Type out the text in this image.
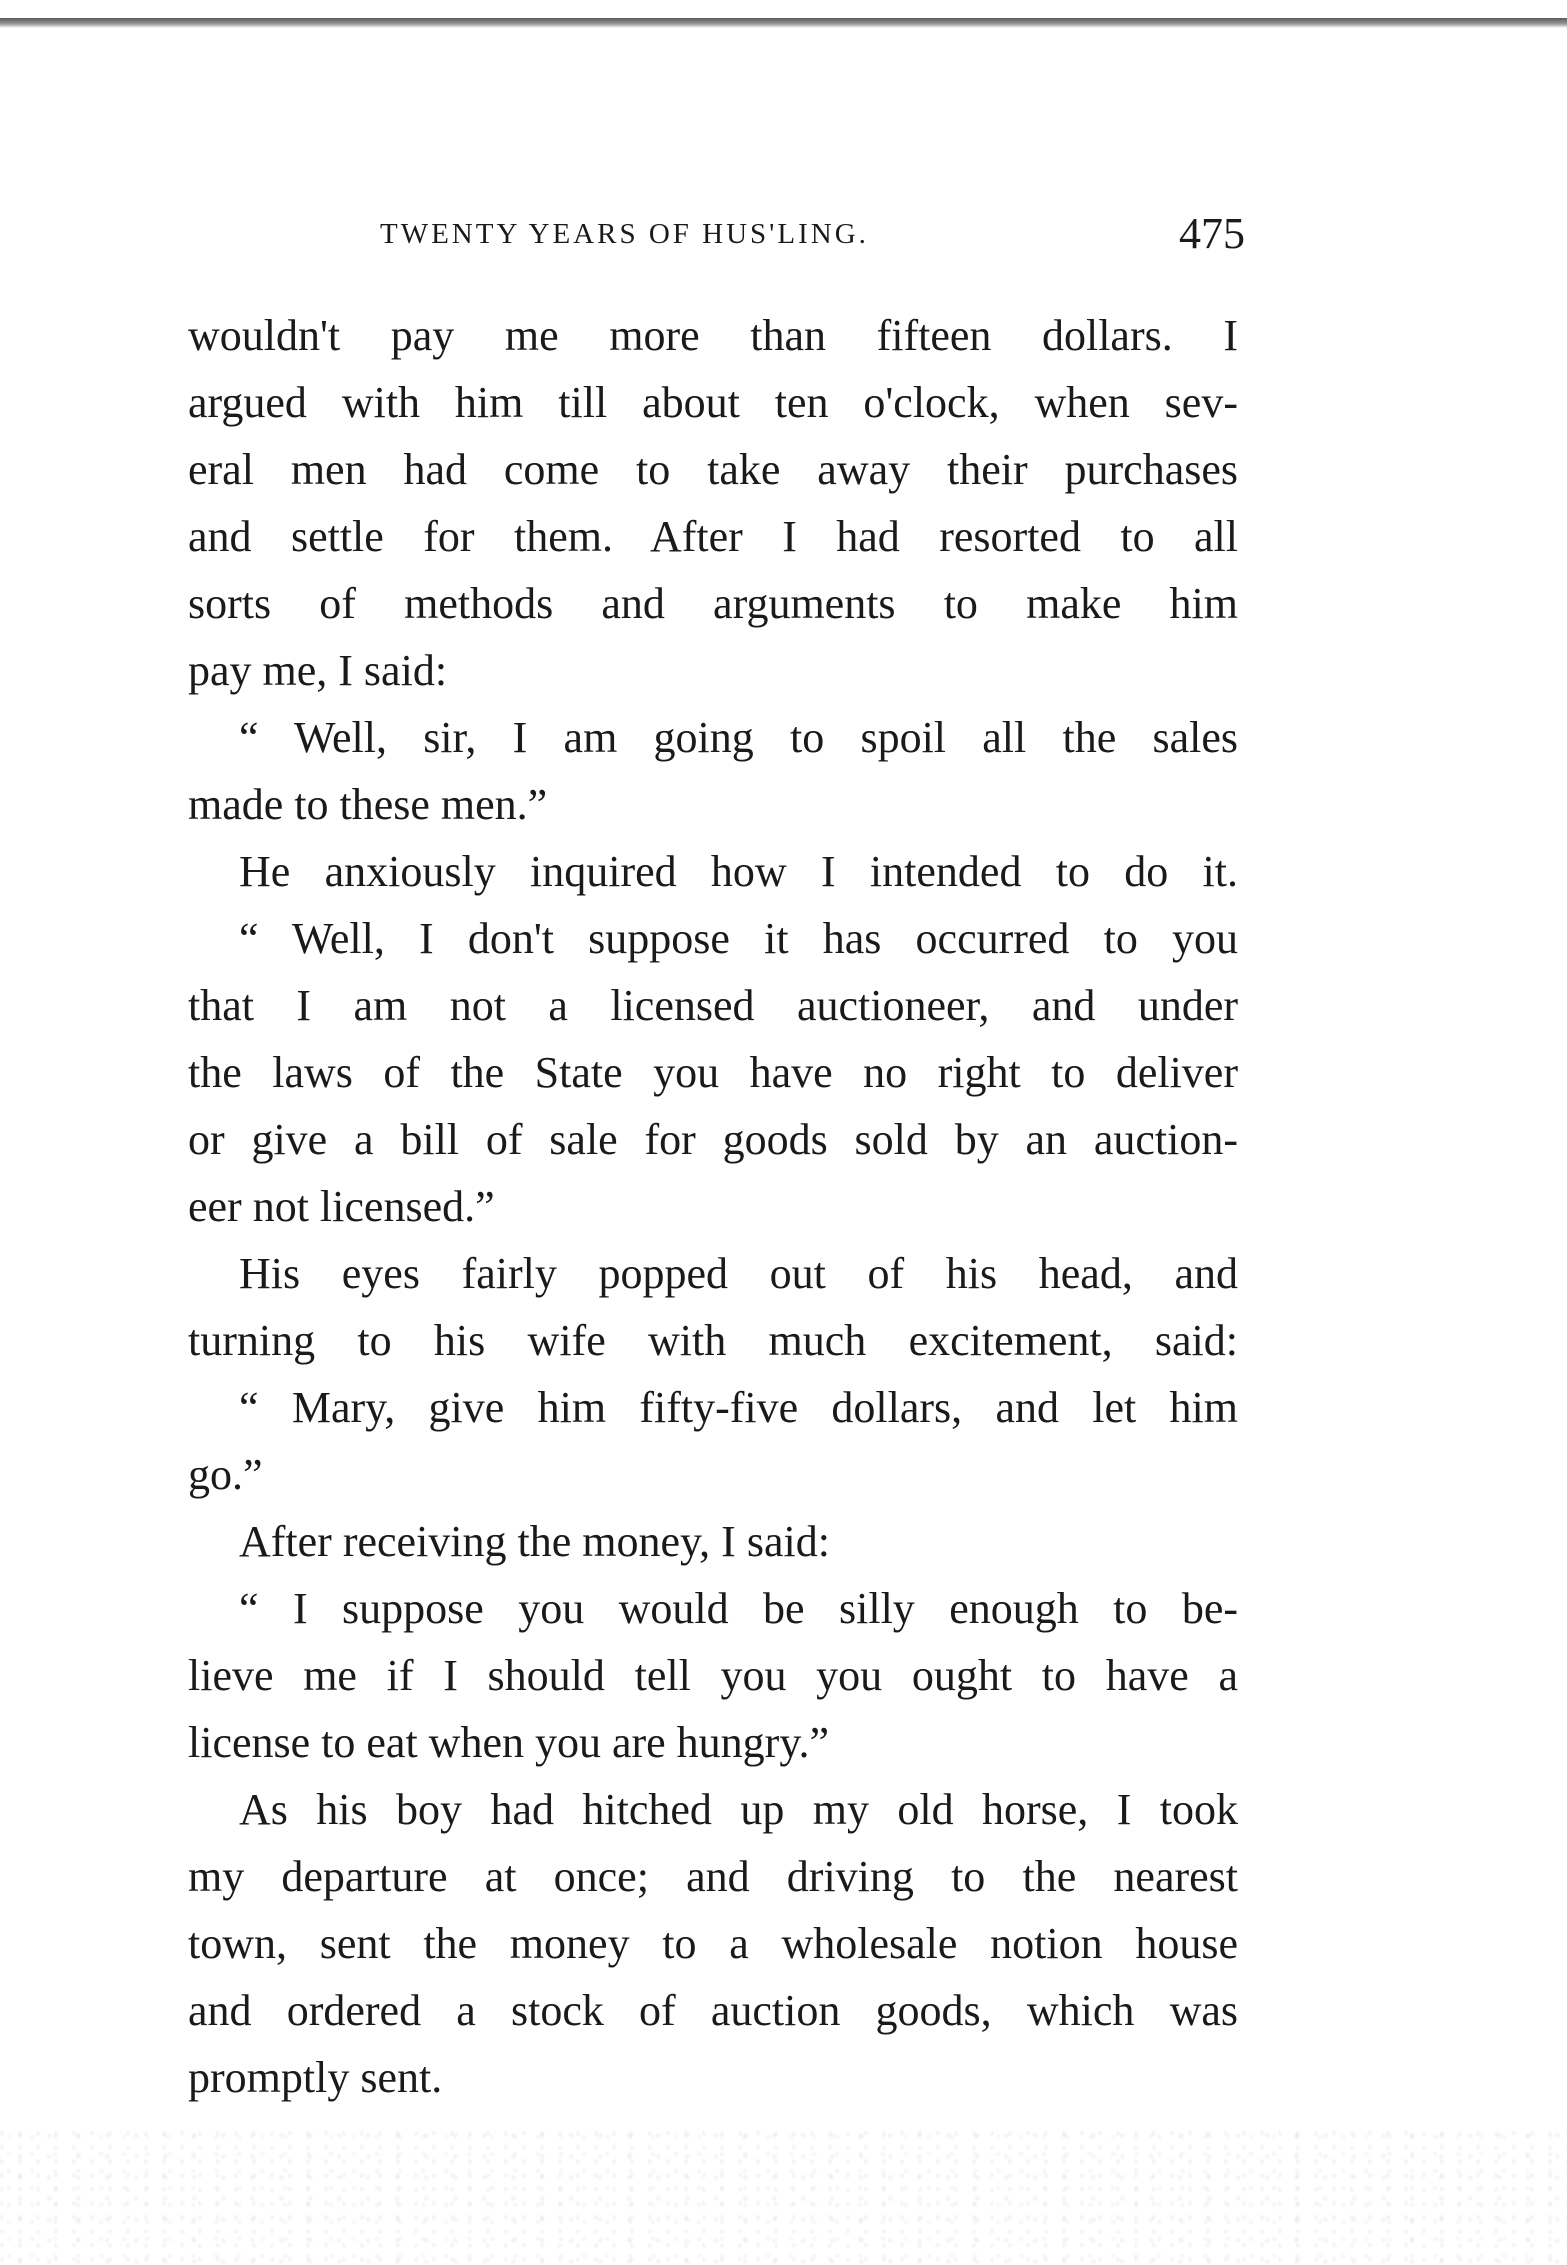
TWENTY YEARS OF HUS'LING.	475
wouldn't pay me more than fifteen dollars. I
argued with him till about ten o'clock, when sev-
eral men had come to take away their purchases
and settle for them. After I had resorted to all
sorts of methods and arguments to make him
pay me, I said:
“ Well, sir, I am going to spoil all the sales
made to these men.”
He anxiously inquired how I intended to do it.
“ Well, I don't suppose it has occurred to you
that I am not a licensed auctioneer, and under
the laws of the State you have no right to deliver
or give a bill of sale for goods sold by an auction-
eer not licensed.”
His eyes fairly popped out of his head, and
turning to his wife with much excitement, said:
“ Mary, give him fifty-five dollars, and let him
go.”
After receiving the money, I said:
“ I suppose you would be silly enough to be-
lieve me if I should tell you you ought to have a
license to eat when you are hungry.”
As his boy had hitched up my old horse, I took
my departure at once; and driving to the nearest
town, sent the money to a wholesale notion house
and ordered a stock of auction goods, which was
promptly sent.
